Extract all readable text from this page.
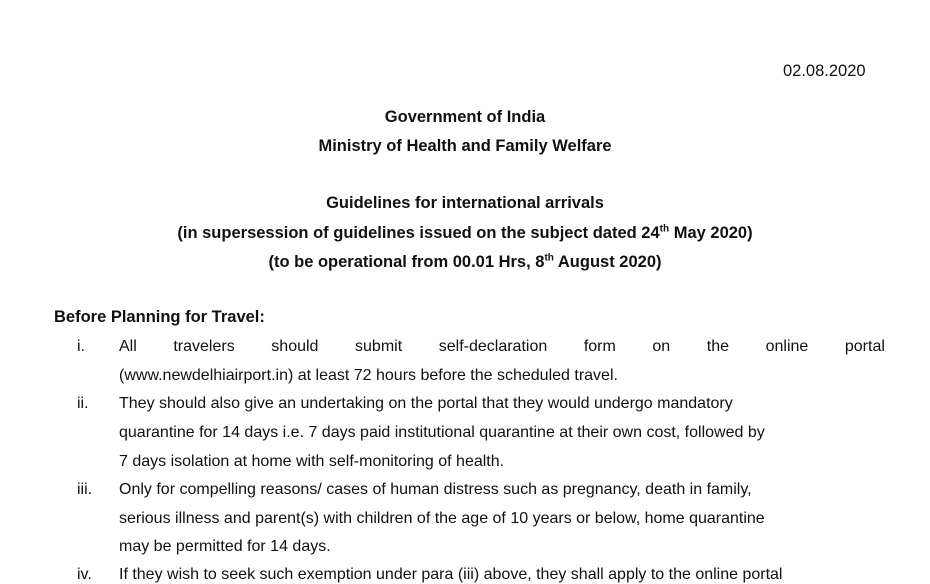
02.08.2020
Government of India
Ministry of Health and Family Welfare
Guidelines for international arrivals
(in supersession of guidelines issued on the subject dated 24th May 2020)
(to be operational from 00.01 Hrs, 8th August 2020)
Before Planning for Travel:
i.	All travelers should submit self-declaration form on the online portal
(www.newdelhiairport.in) at least 72 hours before the scheduled travel.
ii.	They should also give an undertaking on the portal that they would undergo mandatory
quarantine for 14 days i.e. 7 days paid institutional quarantine at their own cost, followed by
7 days isolation at home with self-monitoring of health.
iii.	Only for compelling reasons/ cases of human distress such as pregnancy, death in family,
serious illness and parent(s) with children of the age of 10 years or below, home quarantine
may be permitted for 14 days.
iv.	If they wish to seek such exemption under para (iii) above, they shall apply to the online portal
